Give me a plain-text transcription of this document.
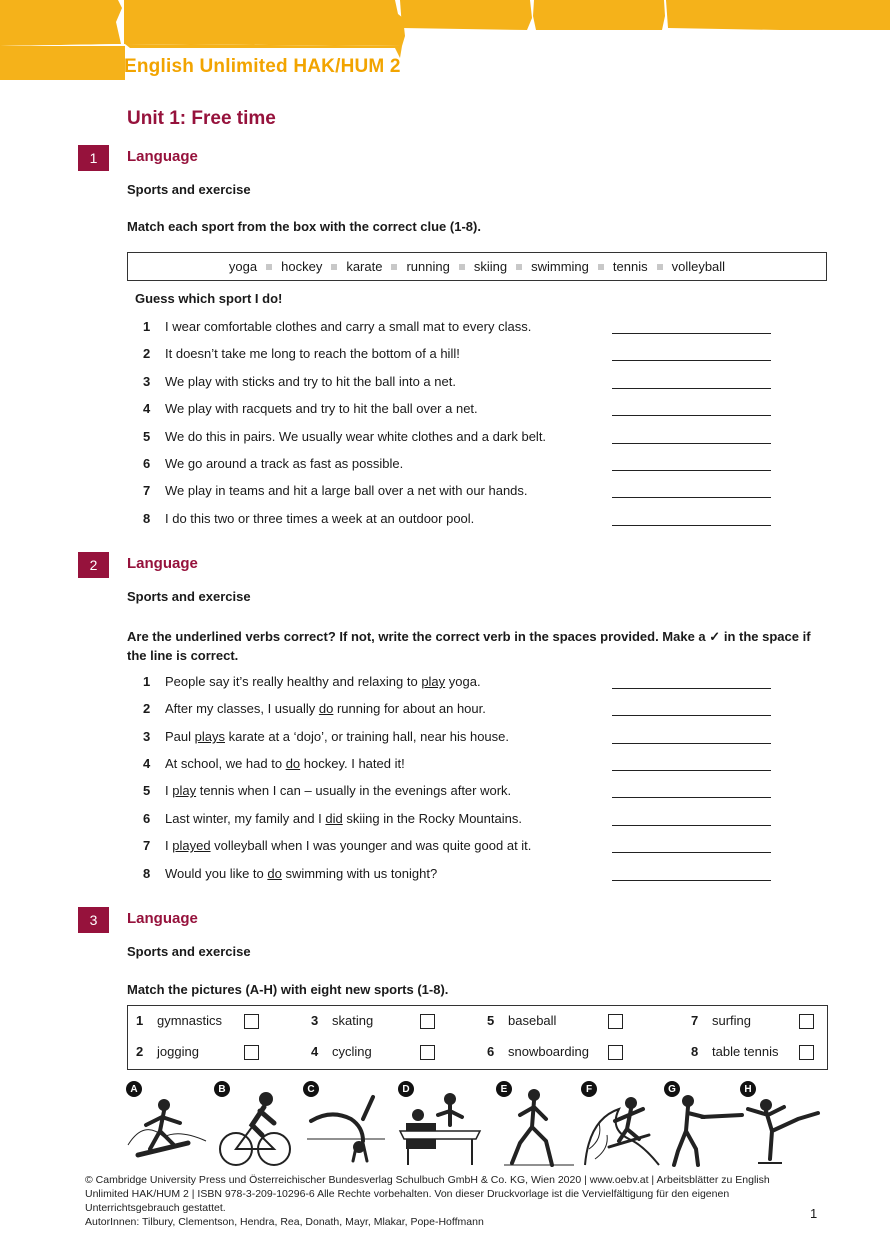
English Unlimited HAK/HUM 2
Unit 1: Free time
1	Language
Sports and exercise
Match each sport from the box with the correct clue (1-8).
yoga	hockey	karate	running	skiing	swimming	tennis	volleyball
Guess which sport I do!
1 I wear comfortable clothes and carry a small mat to every class.
2 It doesn’t take me long to reach the bottom of a hill!
3 We play with sticks and try to hit the ball into a net.
4 We play with racquets and try to hit the ball over a net.
5 We do this in pairs. We usually wear white clothes and a dark belt.
6 We go around a track as fast as possible.
7 We play in teams and hit a large ball over a net with our hands.
8 I do this two or three times a week at an outdoor pool.
2	Language
Sports and exercise
Are the underlined verbs correct? If not, write the correct verb in the spaces provided. Make a ✓ in the space if the line is correct.
1 People say it’s really healthy and relaxing to play yoga.
2 After my classes, I usually do running for about an hour.
3 Paul plays karate at a ‘dojo’, or training hall, near his house.
4 At school, we had to do hockey. I hated it!
5 I play tennis when I can – usually in the evenings after work.
6 Last winter, my family and I did skiing in the Rocky Mountains.
7 I played volleyball when I was younger and was quite good at it.
8 Would you like to do swimming with us tonight?
3	Language
Sports and exercise
Match the pictures (A-H) with eight new sports (1-8).
1 gymnastics	3 skating	5 baseball	7 surfing
2 jogging	4 cycling	6 snowboarding	8 table tennis
A	B	C	D	E	F	G	H
© Cambridge University Press und Österreichischer Bundesverlag Schulbuch GmbH & Co. KG, Wien 2020 | www.oebv.at | Arbeitsblätter zu English Unlimited HAK/HUM 2 | ISBN 978-3-209-10296-6 Alle Rechte vorbehalten. Von dieser Druckvorlage ist die Vervielfältigung für den eigenen Unterrichtsgebrauch gestattet.
AutorInnen: Tilbury, Clementson, Hendra, Rea, Donath, Mayr, Mlakar, Pope-Hoffmann
1
